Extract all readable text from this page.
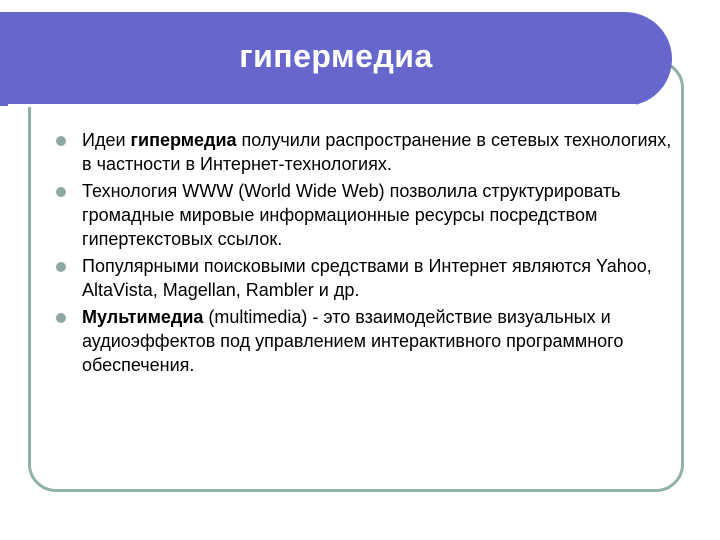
гипермедиа
Идеи гипермедиа получили распространение в сетевых технологиях, в частности в Интернет-технологиях.
Технология WWW (World Wide Web) позволила структурировать громадные мировые информационные ресурсы посредством гипертекстовых ссылок.
Популярными поисковыми средствами в Интернет являются Yahoo, AltaVista, Magellan, Rambler и др.
Мультимедиа (multimedia) - это взаимодействие визуальных и аудиоэффектов под управлением интерактивного программного обеспечения.
